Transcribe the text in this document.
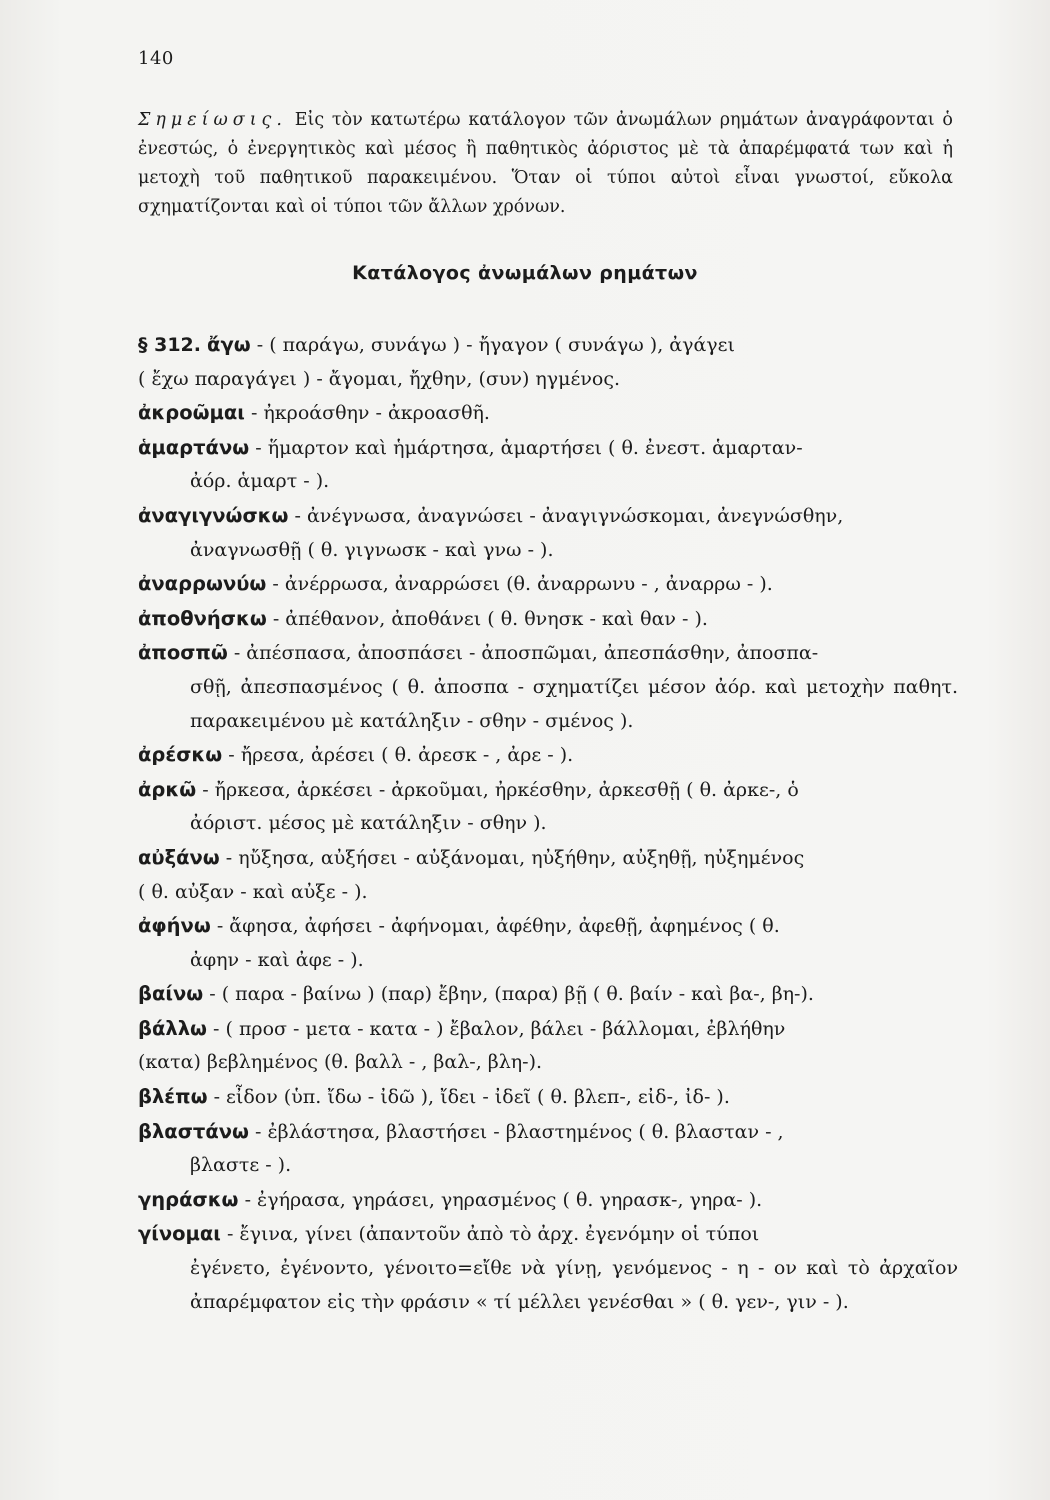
140
Σημείωσις. Εἰς τὸν κατωτέρω κατάλογον τῶν ἀνωμάλων ρημάτων ἀναγράφονται ὁ ἐνεστώς, ὁ ἐνεργητικὸς καὶ μέσος ἢ παθητικὸς ἀόριστος μὲ τὰ ἀπαρέμφατά των καὶ ἡ μετοχὴ τοῦ παθητικοῦ παρακειμένου. Ὅταν οἱ τύποι αὐτοὶ εἶναι γνωστοί, εὔκολα σχηματίζονται καὶ οἱ τύποι τῶν ἄλλων χρόνων.
Κατάλογος ἀνωμάλων ρημάτων
§ 312. ἄγω - ( παράγω, συνάγω ) - ἤγαγον ( συνάγω ), ἀγάγει
( ἔχω παραγάγει ) - ἄγομαι, ἤχθην, (συν) ηγμένος.
ἀκροῶμαι - ἠκροάσθην - ἀκροασθῆ.
ἁμαρτάνω - ἥμαρτον καὶ ἡμάρτησα, ἁμαρτήσει ( θ. ἐνεστ. ἁμαρταν-
ἀόρ. ἁμαρτ - ).
ἀναγιγνώσκω - ἀνέγνωσα, ἀναγνώσει - ἀναγιγνώσκομαι, ἀνεγνώσθην,
ἀναγνωσθῇ ( θ. γιγνωσκ - καὶ γνω - ).
ἀναρρωνύω - ἀνέρρωσα, ἀναρρώσει (θ. ἀναρρωνυ - , ἀναρρω - ).
ἀποθνήσκω - ἀπέθανον, ἀποθάνει ( θ. θνησκ - καὶ θαν - ).
ἀποσπῶ - ἀπέσπασα, ἀποσπάσει - ἀποσπῶμαι, ἀπεσπάσθην, ἀποσπα-
σθῇ, ἀπεσπασμένος ( θ. ἀποσπα - σχηματίζει μέσον ἀόρ. καὶ μετοχὴν παθητ. παρακειμένου μὲ κατάληξιν - σθην - σμένος ).
ἀρέσκω - ἤρεσα, ἀρέσει ( θ. ἀρεσκ - , ἀρε - ).
ἀρκῶ - ἤρκεσα, ἀρκέσει - ἀρκοῦμαι, ἠρκέσθην, ἀρκεσθῇ ( θ. ἀρκε-, ὁ
ἀόριστ. μέσος μὲ κατάληξιν - σθην ).
αὐξάνω - ηὔξησα, αὐξήσει - αὐξάνομαι, ηὐξήθην, αὐξηθῇ, ηὐξημένος
( θ. αὐξαν - καὶ αὐξε - ).
ἀφήνω - ἄφησα, ἀφήσει - ἀφήνομαι, ἀφέθην, ἀφεθῇ, ἀφημένος ( θ.
ἀφην - καὶ ἀφε - ).
βαίνω - ( παρα - βαίνω ) (παρ) ἔβην, (παρα) βῇ ( θ. βαίν - καὶ βα-, βη-).
βάλλω - ( προσ - μετα - κατα - ) ἔβαλον, βάλει - βάλλομαι, ἐβλήθην
(κατα) βεβλημένος (θ. βαλλ - , βαλ-, βλη-).
βλέπω - εἶδον (ὑπ. ἴδω - ἰδῶ ), ἴδει - ἰδεῖ ( θ. βλεπ-, εἰδ-, ἰδ- ).
βλαστάνω - ἐβλάστησα, βλαστήσει - βλαστημένος ( θ. βλασταν - ,
βλαστε - ).
γηράσκω - ἐγήρασα, γηράσει, γηρασμένος ( θ. γηρασκ-, γηρα- ).
γίνομαι - ἔγινα, γίνει (ἀπαντοῦν ἀπὸ τὸ ἀρχ. ἐγενόμην οἱ τύποι
ἐγένετο, ἐγένοντο, γένοιτο=εἴθε νὰ γίνῃ, γενόμενος - η - ον καὶ τὸ ἀρχαῖον ἀπαρέμφατον εἰς τὴν φράσιν « τί μέλλει γενέσθαι » ( θ. γεν-, γιν - ).
